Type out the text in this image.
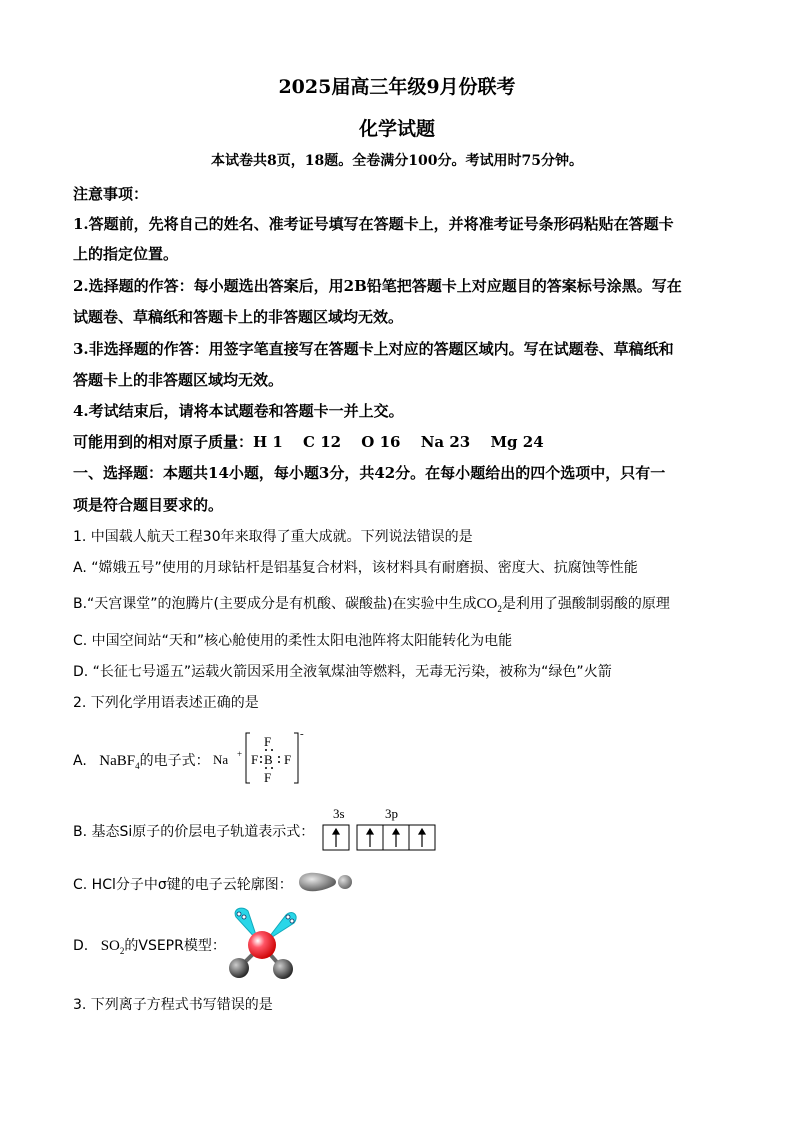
2025届高三年级9月份联考
化学试题
本试卷共8页，18题。全卷满分100分。考试用时75分钟。
注意事项：
1.答题前，先将自己的姓名、准考证号填写在答题卡上，并将准考证号条形码粘贴在答题卡
上的指定位置。
2.选择题的作答：每小题选出答案后，用2B铅笔把答题卡上对应题目的答案标号涂黑。写在
试题卷、草稿纸和答题卡上的非答题区域均无效。
3.非选择题的作答：用签字笔直接写在答题卡上对应的答题区域内。写在试题卷、草稿纸和
答题卡上的非答题区域均无效。
4.考试结束后，请将本试题卷和答题卡一并上交。
可能用到的相对原子质量：H 1　 C 12　 O 16　 Na 23　 Mg 24
一、选择题：本题共14小题，每小题3分，共42分。在每小题给出的四个选项中，只有一
项是符合题目要求的。
1. 中国载人航天工程30年来取得了重大成就。下列说法错误的是
A. “嫦娥五号”使用的月球钻杆是铝基复合材料，该材料具有耐磨损、密度大、抗腐蚀等性能
B.“天宫课堂”的泡腾片(主要成分是有机酸、碳酸盐)在实验中生成$CO_2$是利用了强酸制弱酸的原理
C. 中国空间站“天和”核心舱使用的柔性太阳电池阵将太阳能转化为电能
D. “长征七号遥五”运载火箭因采用全液氧煤油等燃料，无毒无污染，被称为“绿色”火箭
2. 下列化学用语表述正确的是
A. NaBF$_4$的电子式： Na +
F
F B F
F
-
B. 基态Si原子的价层电子轨道表示式：
3s	3p
C. HCl分子中σ键的电子云轮廓图：
D. $SO_2$的VSEPR模型：
3. 下列离子方程式书写错误的是
